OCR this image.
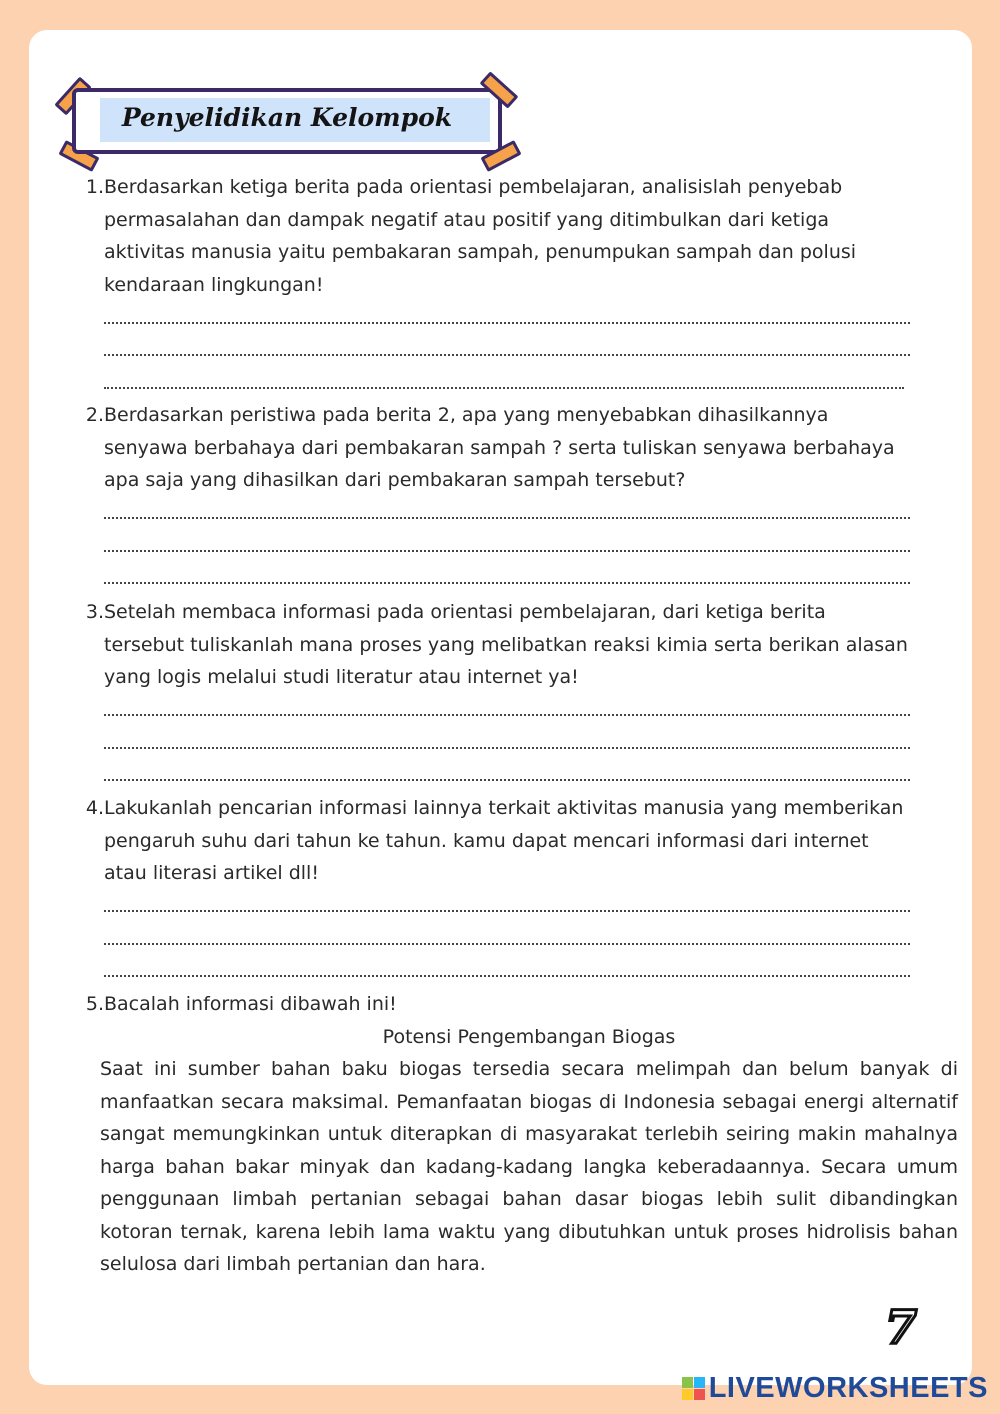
Penyelidikan Kelompok
1. Berdasarkan ketiga berita pada orientasi pembelajaran, analisislah penyebab permasalahan dan dampak negatif atau positif yang ditimbulkan dari ketiga aktivitas manusia yaitu pembakaran sampah, penumpukan sampah dan polusi kendaraan lingkungan!
2. Berdasarkan peristiwa pada berita 2, apa yang menyebabkan dihasilkannya senyawa berbahaya dari pembakaran sampah ? serta tuliskan senyawa berbahaya apa saja yang dihasilkan dari pembakaran sampah tersebut?
3. Setelah membaca informasi pada orientasi pembelajaran, dari ketiga berita tersebut tuliskanlah mana proses yang melibatkan reaksi kimia serta berikan alasan yang logis melalui studi literatur atau internet ya!
4. Lakukanlah pencarian informasi lainnya terkait aktivitas manusia yang memberikan pengaruh suhu dari tahun ke tahun. kamu dapat mencari informasi dari internet atau literasi artikel dll!
5. Bacalah informasi dibawah ini!
Potensi Pengembangan Biogas
Saat ini sumber bahan baku biogas tersedia secara melimpah dan belum banyak di manfaatkan secara maksimal. Pemanfaatan biogas di Indonesia sebagai energi alternatif sangat memungkinkan untuk diterapkan di masyarakat terlebih seiring makin mahalnya harga bahan bakar minyak dan kadang-kadang langka keberadaannya. Secara umum penggunaan limbah pertanian sebagai bahan dasar biogas lebih sulit dibandingkan kotoran ternak, karena lebih lama waktu yang dibutuhkan untuk proses hidrolisis bahan selulosa dari limbah pertanian dan hara.
7
LIVEWORKSHEETS
